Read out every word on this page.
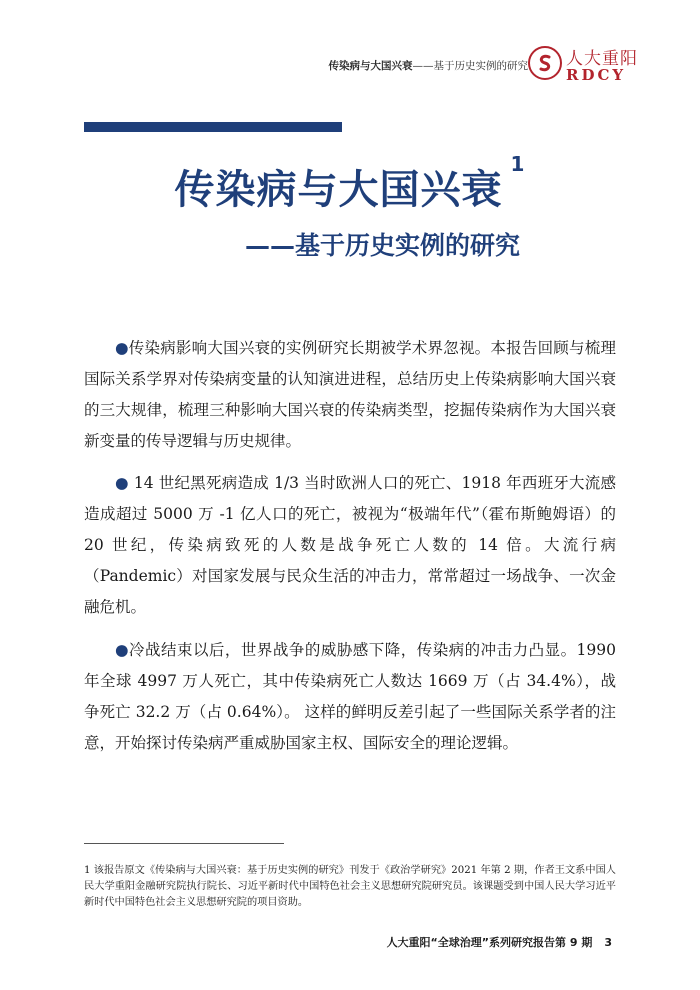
传染病与大国兴衰——基于历史实例的研究 人大重阳
RDCY
传染病与大国兴衰$^1$
——基于历史实例的研究
●传染病影响大国兴衰的实例研究长期被学术界忽视。本报告回顾与梳理国际关系学界对传染病变量的认知演进进程，总结历史上传染病影响大国兴衰的三大规律，梳理三种影响大国兴衰的传染病类型，挖掘传染病作为大国兴衰新变量的传导逻辑与历史规律。
● 14 世纪黑死病造成 1/3 当时欧洲人口的死亡、1918 年西班牙大流感造成超过 5000 万 -1 亿人口的死亡，被视为“极端年代”（霍布斯鲍姆语）的 20 世纪，传染病致死的人数是战争死亡人数的 14 倍。大流行病（Pandemic）对国家发展与民众生活的冲击力，常常超过一场战争、一次金融危机。
●冷战结束以后，世界战争的威胁感下降，传染病的冲击力凸显。1990 年全球 4997 万人死亡，其中传染病死亡人数达 1669 万（占 34.4%），战争死亡 32.2 万（占 0.64%）。 这样的鲜明反差引起了一些国际关系学者的注意，开始探讨传染病严重威胁国家主权、国际安全的理论逻辑。
1 该报告原文《传染病与大国兴衰：基于历史实例的研究》刊发于《政治学研究》2021 年第 2 期，作者王文系中国人民大学重阳金融研究院执行院长、习近平新时代中国特色社会主义思想研究院研究员。该课题受到中国人民大学习近平新时代中国特色社会主义思想研究院的项目资助。
人大重阳“全球治理”系列研究报告第 9 期 3
